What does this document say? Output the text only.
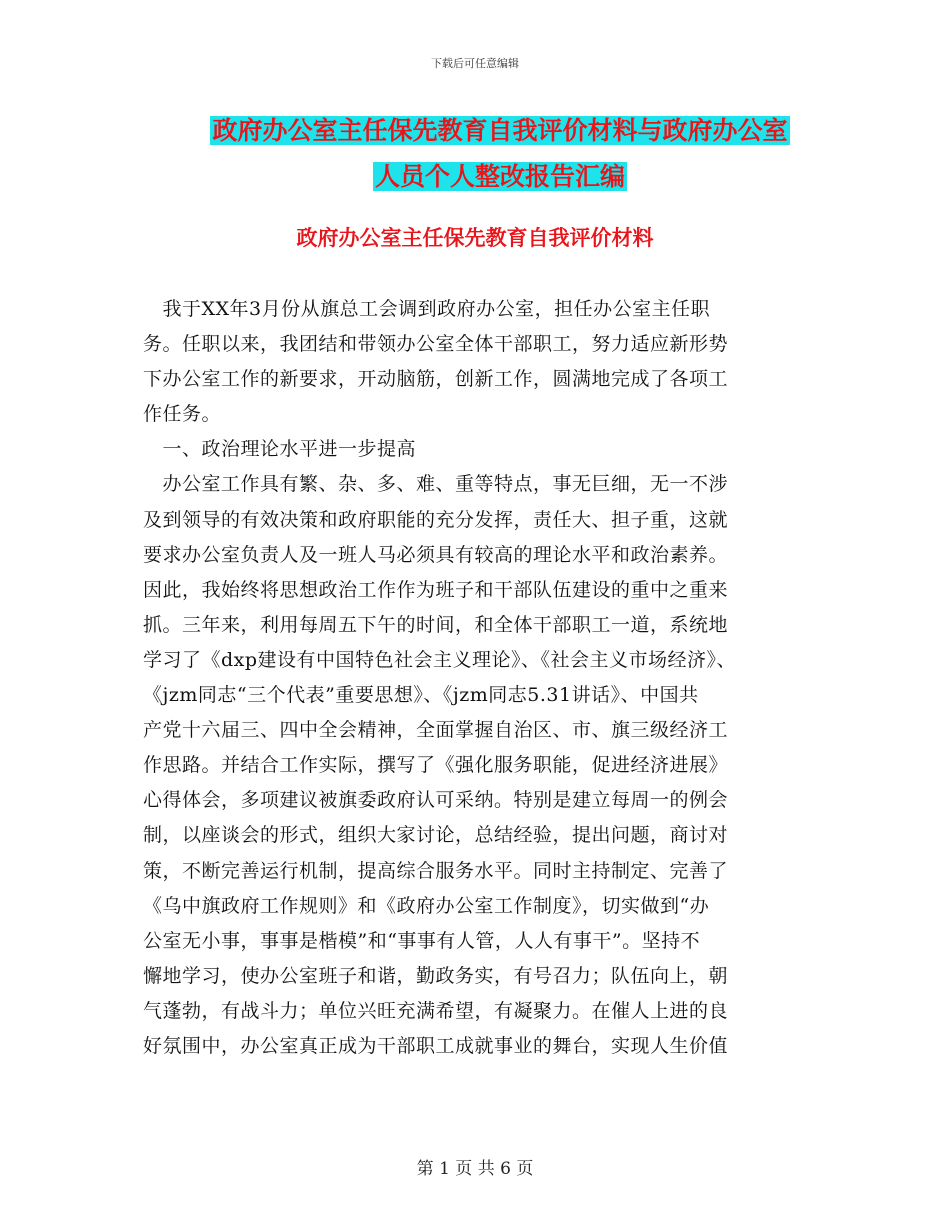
下载后可任意编辑
政府办公室主任保先教育自我评价材料与政府办公室
人员个人整改报告汇编
政府办公室主任保先教育自我评价材料
　我于XX年3月份从旗总工会调到政府办公室，担任办公室主任职
务。任职以来，我团结和带领办公室全体干部职工，努力适应新形势
下办公室工作的新要求，开动脑筋，创新工作，圆满地完成了各项工
作任务。
　一、政治理论水平进一步提高
　办公室工作具有繁、杂、多、难、重等特点，事无巨细，无一不涉
及到领导的有效决策和政府职能的充分发挥，责任大、担子重，这就
要求办公室负责人及一班人马必须具有较高的理论水平和政治素养。
因此，我始终将思想政治工作作为班子和干部队伍建设的重中之重来
抓。三年来，利用每周五下午的时间，和全体干部职工一道，系统地
学习了《dxp建设有中国特色社会主义理论》、《社会主义市场经济》、
《jzm同志“三个代表”重要思想》、《jzm同志5.31讲话》、中国共
产党十六届三、四中全会精神，全面掌握自治区、市、旗三级经济工
作思路。并结合工作实际，撰写了《强化服务职能，促进经济进展》
心得体会，多项建议被旗委政府认可采纳。特别是建立每周一的例会
制，以座谈会的形式，组织大家讨论，总结经验，提出问题，商讨对
策，不断完善运行机制，提高综合服务水平。同时主持制定、完善了
《乌中旗政府工作规则》和《政府办公室工作制度》，切实做到“办
公室无小事，事事是楷模”和“事事有人管，人人有事干”。坚持不
懈地学习，使办公室班子和谐，勤政务实，有号召力；队伍向上，朝
气蓬勃，有战斗力；单位兴旺充满希望，有凝聚力。在催人上进的良
好氛围中，办公室真正成为干部职工成就事业的舞台，实现人生价值
第 1 页 共 6 页
